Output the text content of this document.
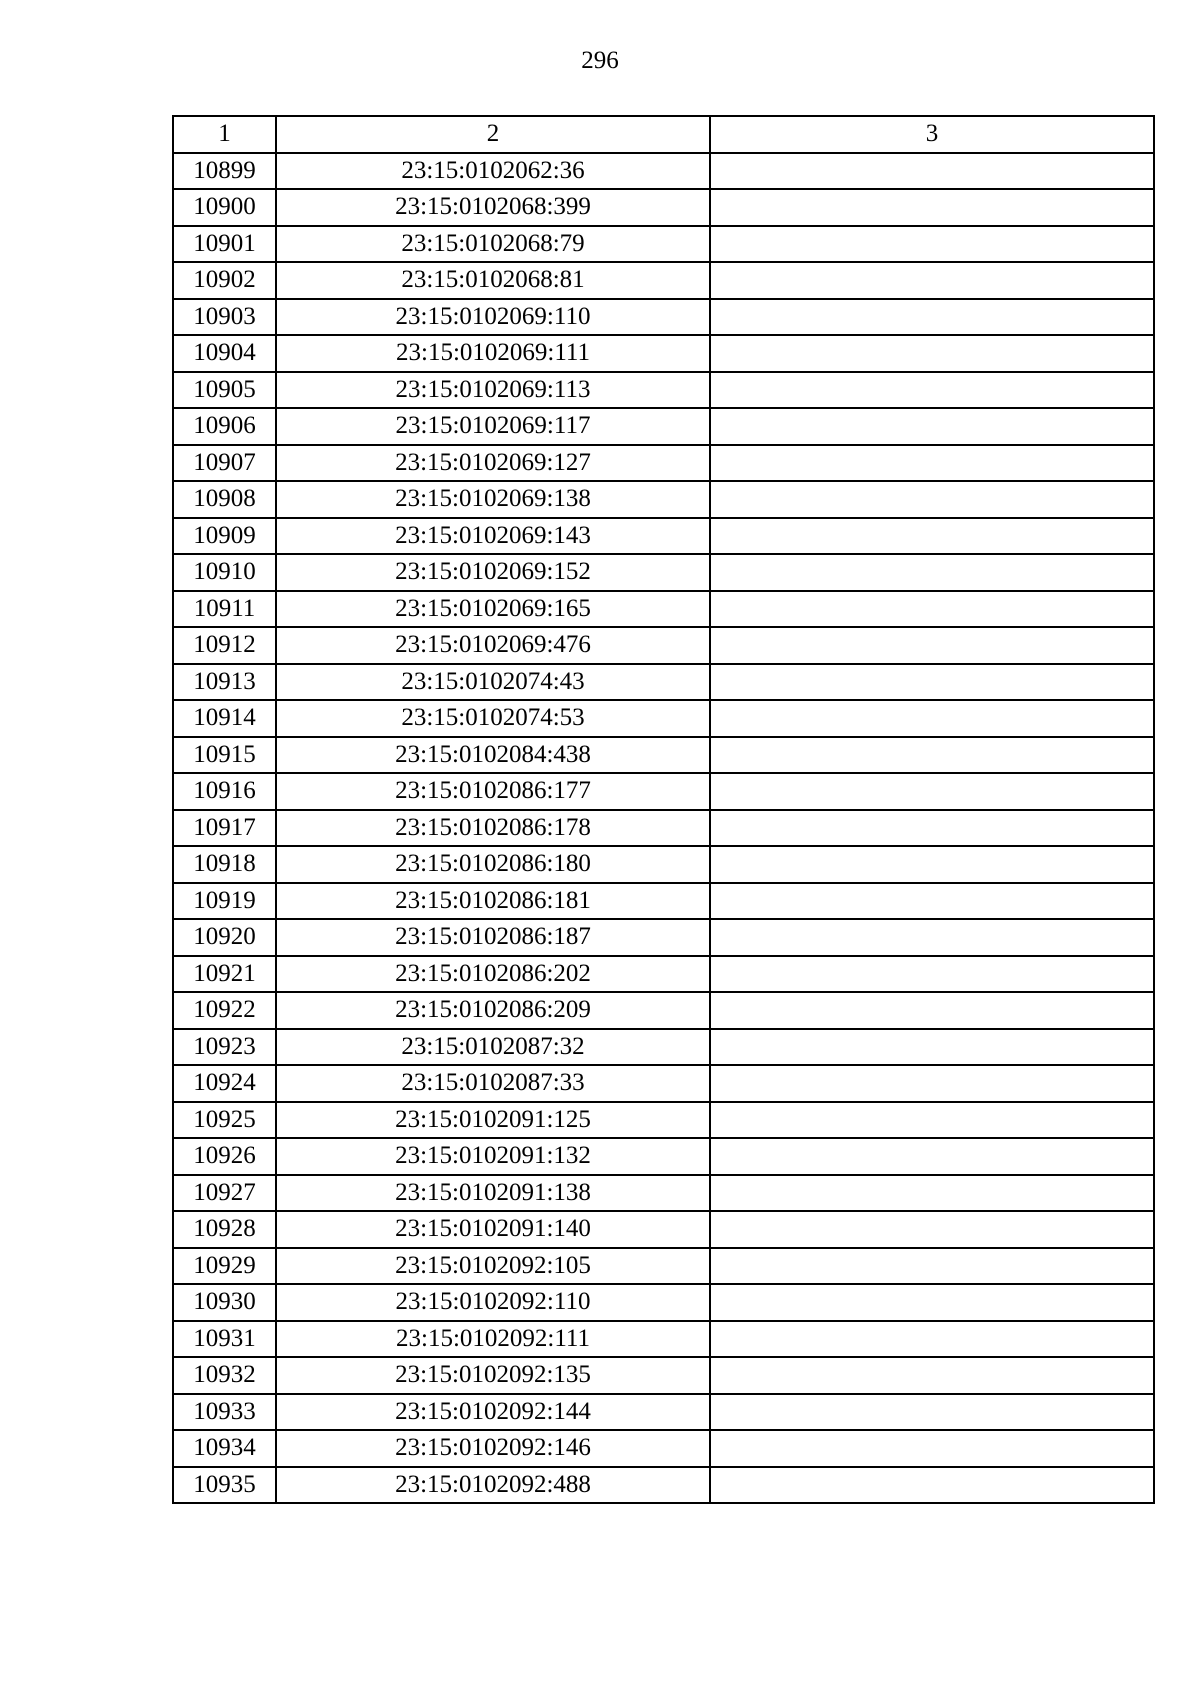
296
1	2	3
10899	23:15:0102062:36	
10900	23:15:0102068:399	
10901	23:15:0102068:79	
10902	23:15:0102068:81	
10903	23:15:0102069:110	
10904	23:15:0102069:111	
10905	23:15:0102069:113	
10906	23:15:0102069:117	
10907	23:15:0102069:127	
10908	23:15:0102069:138	
10909	23:15:0102069:143	
10910	23:15:0102069:152	
10911	23:15:0102069:165	
10912	23:15:0102069:476	
10913	23:15:0102074:43	
10914	23:15:0102074:53	
10915	23:15:0102084:438	
10916	23:15:0102086:177	
10917	23:15:0102086:178	
10918	23:15:0102086:180	
10919	23:15:0102086:181	
10920	23:15:0102086:187	
10921	23:15:0102086:202	
10922	23:15:0102086:209	
10923	23:15:0102087:32	
10924	23:15:0102087:33	
10925	23:15:0102091:125	
10926	23:15:0102091:132	
10927	23:15:0102091:138	
10928	23:15:0102091:140	
10929	23:15:0102092:105	
10930	23:15:0102092:110	
10931	23:15:0102092:111	
10932	23:15:0102092:135	
10933	23:15:0102092:144	
10934	23:15:0102092:146	
10935	23:15:0102092:488	
